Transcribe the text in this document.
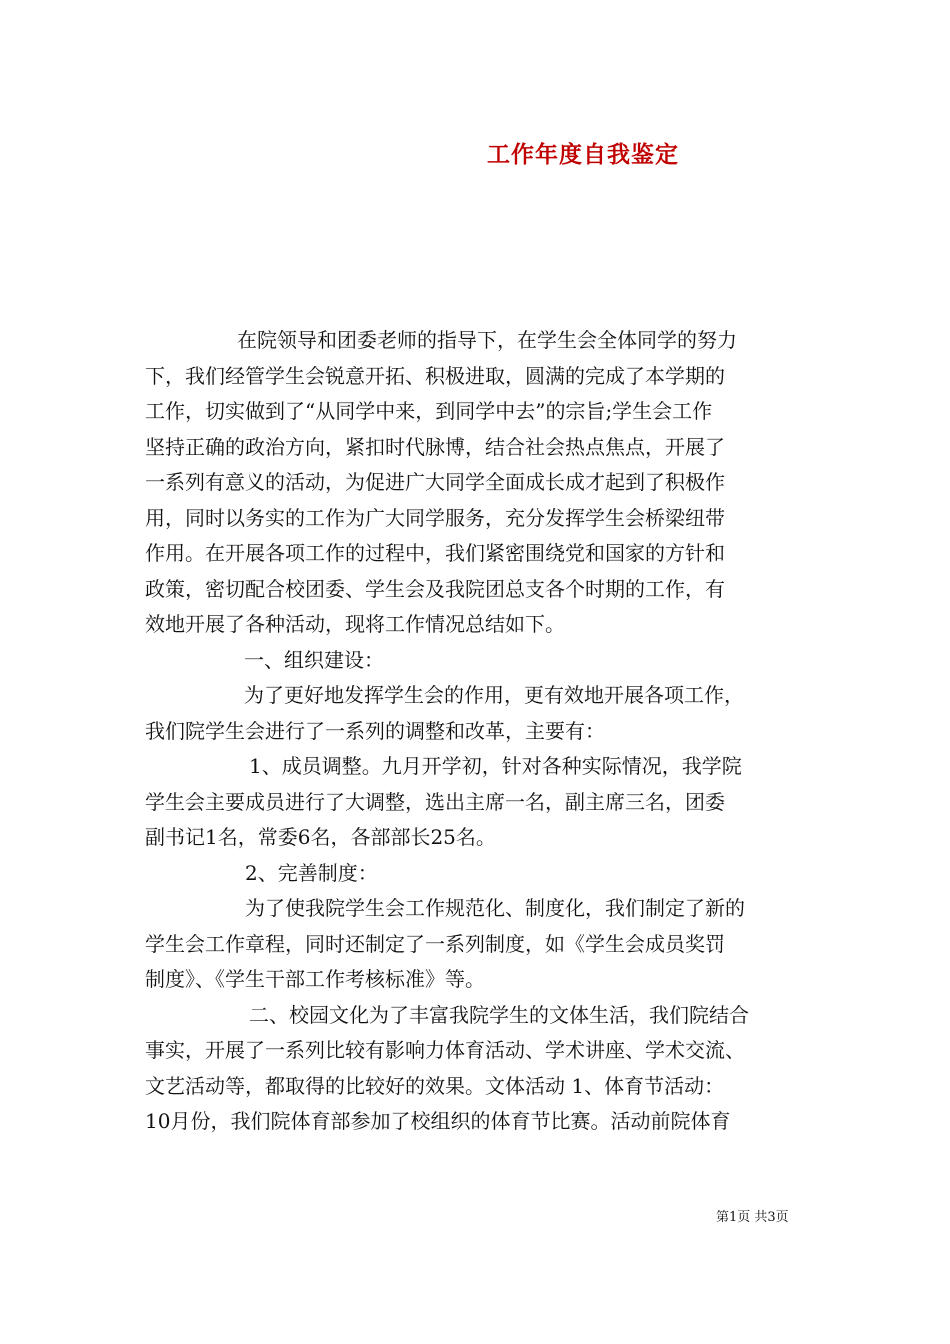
工作年度自我鉴定
在院领导和团委老师的指导下，在学生会全体同学的努力
下，我们经管学生会锐意开拓、积极进取，圆满的完成了本学期的
工作，切实做到了“从同学中来，到同学中去”的宗旨;学生会工作
坚持正确的政治方向，紧扣时代脉博，结合社会热点焦点，开展了
一系列有意义的活动，为促进广大同学全面成长成才起到了积极作
用，同时以务实的工作为广大同学服务，充分发挥学生会桥梁纽带
作用。在开展各项工作的过程中，我们紧密围绕党和国家的方针和
政策，密切配合校团委、学生会及我院团总支各个时期的工作，有
效地开展了各种活动，现将工作情况总结如下。
一、组织建设：
为了更好地发挥学生会的作用，更有效地开展各项工作，
我们院学生会进行了一系列的调整和改革，主要有：
1、成员调整。九月开学初，针对各种实际情况，我学院
学生会主要成员进行了大调整，选出主席一名，副主席三名，团委
副书记1名，常委6名，各部部长25名。
2、完善制度：
为了使我院学生会工作规范化、制度化，我们制定了新的
学生会工作章程，同时还制定了一系列制度，如《学生会成员奖罚
制度》、《学生干部工作考核标准》等。
二、校园文化为了丰富我院学生的文体生活，我们院结合
事实，开展了一系列比较有影响力体育活动、学术讲座、学术交流、
文艺活动等，都取得的比较好的效果。文体活动 1、体育节活动：
10月份，我们院体育部参加了校组织的体育节比赛。活动前院体育
第1页 共3页
